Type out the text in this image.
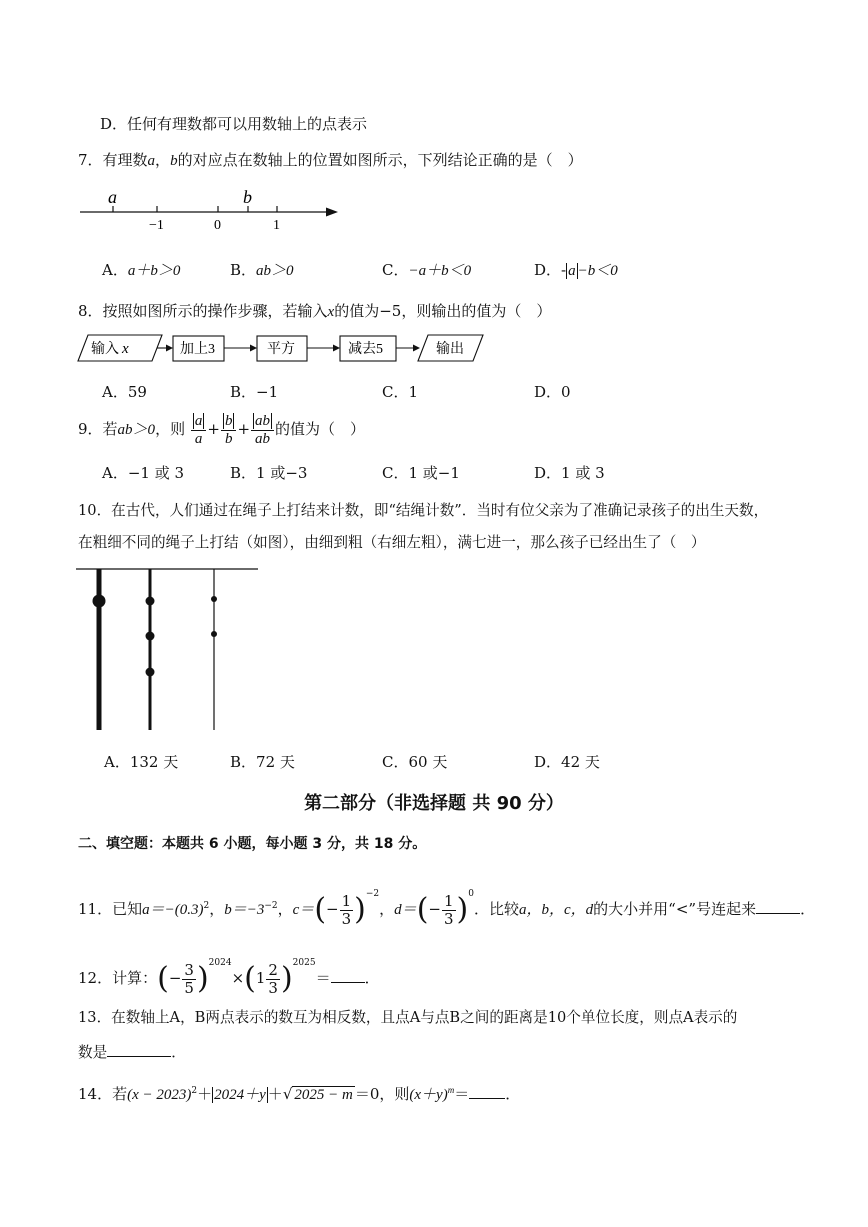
D．任何有理数都可以用数轴上的点表示
7．有理数a，b的对应点在数轴上的位置如图所示，下列结论正确的是（　）
a	b
−1	0	1
A．a＋b＞0	B．ab＞0	C．−a＋b＜0	D．- a −b＜0
8．按照如图所示的操作步骤，若输入x的值为−5，则输出的值为（　）
输入 x	加上3	平方	减去5	输出
A．59	B．−1	C．1	D．0
9．若ab＞0，则 $\frac{a}{a} + \frac{b}{b} + \frac{ab}{ab}$ 的值为（　）
A．−1 或 3	B．1 或−3	C．1 或−1	D．1 或 3
10．在古代，人们通过在绳子上打结来计数，即“结绳计数”．当时有位父亲为了准确记录孩子的出生天数，
在粗细不同的绳子上打结（如图），由细到粗（右细左粗），满七进一，那么孩子已经出生了（　）
A．132 天	B．72 天	C．60 天	D．42 天
第二部分（非选择题 共 90 分）
二、填空题：本题共 6 小题，每小题 3 分，共 18 分。
11．已知$a=-(0.3)^2$，$b=-3^{-2}$，$c=(- \frac{1}{3} )^{-2}$，$d=(- \frac{1}{3} )^0$．比较a，b，c，d的大小并用“<”号连起来	．
12．计算：(− $\frac{3}{5} )^{2024}\times(1 \frac{2}{3} )^{2025}=$ ．
13．在数轴上A，B两点表示的数互为相反数，且点A与点B之间的距离是10个单位长度，则点A表示的
数是	．
14．若$(x - 2023)^2+ 2024+y$ ＋√ 2025 − m ＝0，则$(x+y)^m=$ ．
